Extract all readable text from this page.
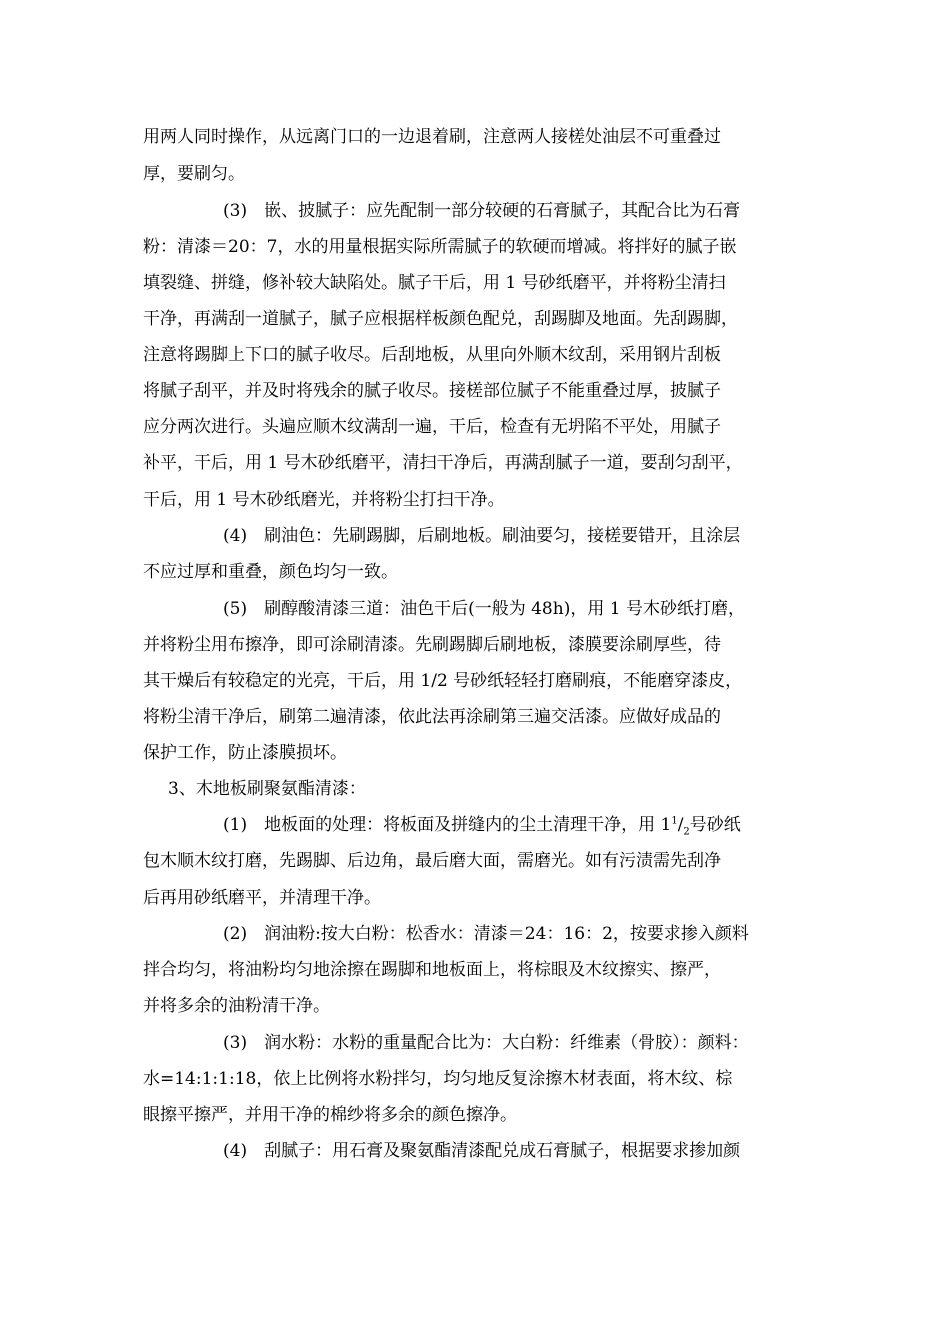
用两人同时操作，从远离门口的一边退着刷，注意两人接槎处油层不可重叠过

厚，要刷匀。

(3)　嵌、披腻子：应先配制一部分较硬的石膏腻子，其配合比为石膏

粉：清漆＝20：7，水的用量根据实际所需腻子的软硬而增减。将拌好的腻子嵌

填裂缝、拼缝，修补较大缺陷处。腻子干后，用 1 号砂纸磨平，并将粉尘清扫

干净，再满刮一道腻子，腻子应根据样板颜色配兑，刮踢脚及地面。先刮踢脚，

注意将踢脚上下口的腻子收尽。后刮地板，从里向外顺木纹刮，采用钢片刮板

将腻子刮平，并及时将残余的腻子收尽。接槎部位腻子不能重叠过厚，披腻子

应分两次进行。头遍应顺木纹满刮一遍，干后，检查有无坍陷不平处，用腻子

补平，干后，用 1 号木砂纸磨平，清扫干净后，再满刮腻子一道，要刮匀刮平，

干后，用 1 号木砂纸磨光，并将粉尘打扫干净。

(4)　刷油色：先刷踢脚，后刷地板。刷油要匀，接槎要错开，且涂层

不应过厚和重叠，颜色均匀一致。

(5)　刷醇酸清漆三道：油色干后(一般为 48h)，用 1 号木砂纸打磨，

并将粉尘用布擦净，即可涂刷清漆。先刷踢脚后刷地板，漆膜要涂刷厚些，待

其干燥后有较稳定的光亮，干后，用 1/2 号砂纸轻轻打磨刷痕，不能磨穿漆皮，

将粉尘清干净后，刷第二遍清漆，依此法再涂刷第三遍交活漆。应做好成品的

保护工作，防止漆膜损坏。

3、木地板刷聚氨酯清漆：

(1)　地板面的处理：将板面及拼缝内的尘土清理干净，用 $1^1/_2$号砂纸

包木顺木纹打磨，先踢脚、后边角，最后磨大面，需磨光。如有污渍需先刮净

后再用砂纸磨平，并清理干净。

(2)　润油粉:按大白粉：松香水：清漆＝24：16：2，按要求掺入颜料

拌合均匀，将油粉均匀地涂擦在踢脚和地板面上，将棕眼及木纹擦实、擦严，

并将多余的油粉清干净。

(3)　润水粉：水粉的重量配合比为：大白粉：纤维素（骨胶）：颜料：

水=14:1:1:18，依上比例将水粉拌匀，均匀地反复涂擦木材表面，将木纹、棕

眼擦平擦严，并用干净的棉纱将多余的颜色擦净。

(4)　刮腻子：用石膏及聚氨酯清漆配兑成石膏腻子，根据要求掺加颜
